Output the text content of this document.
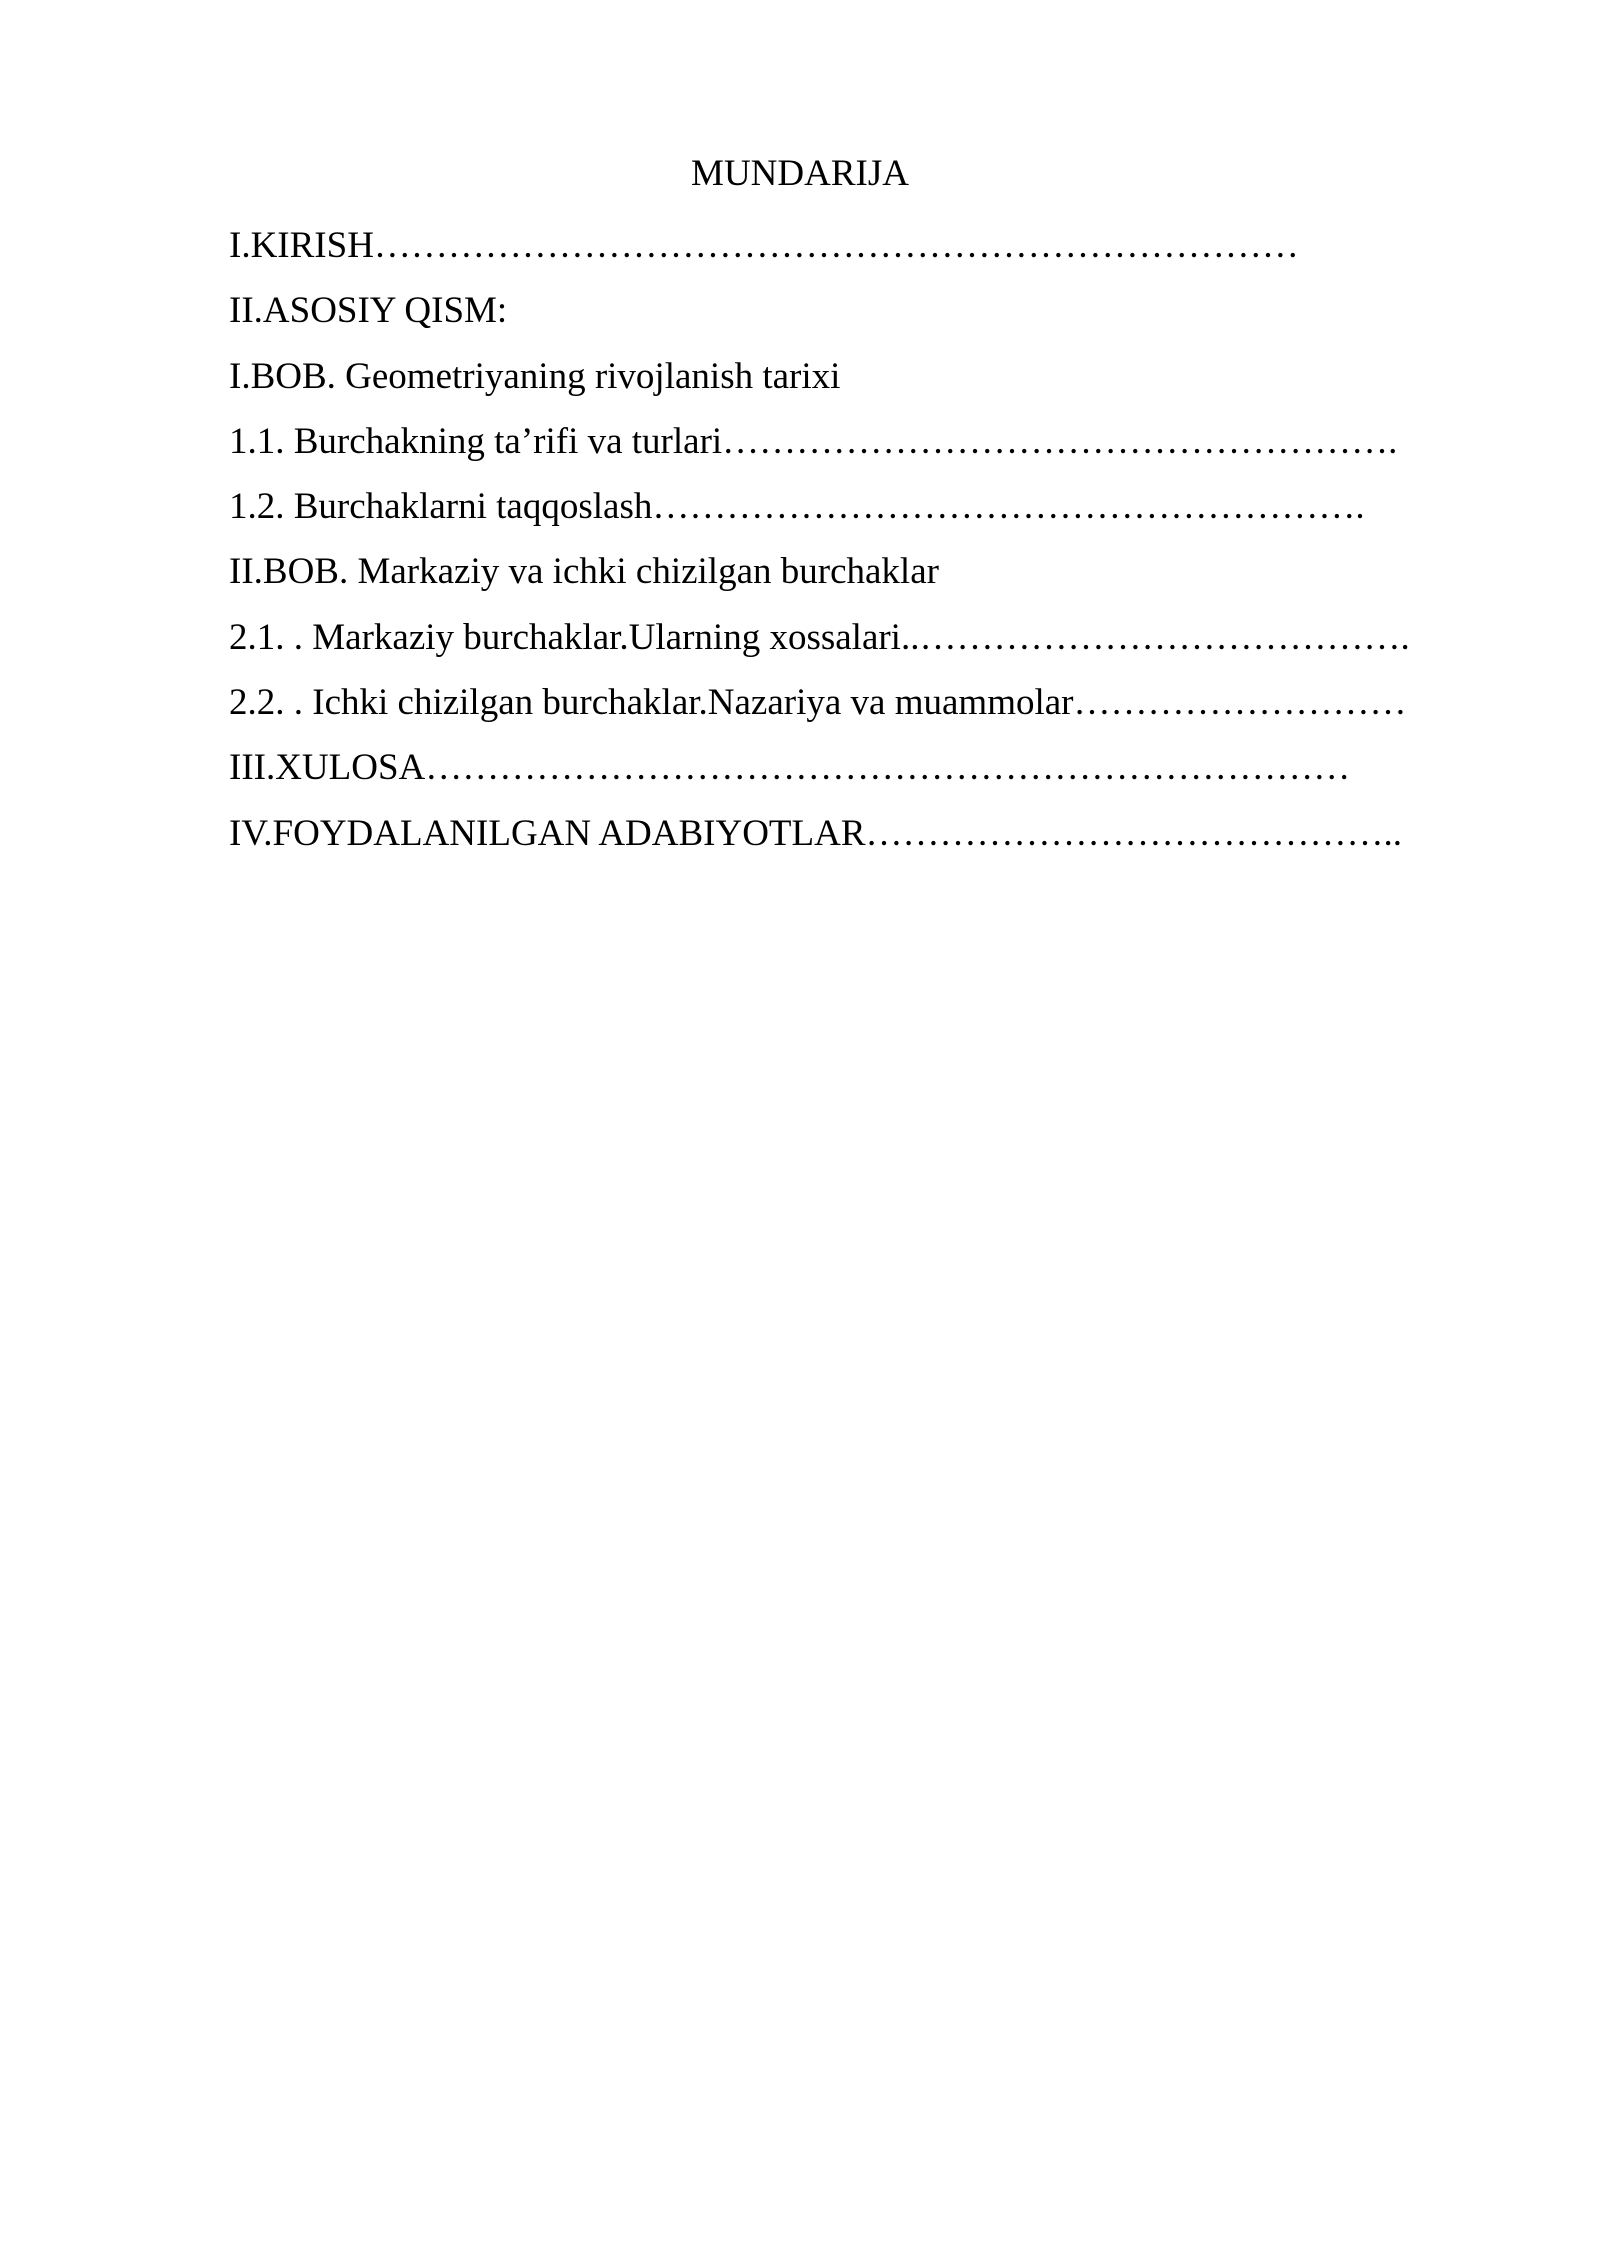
MUNDARIJA
I.KIRISH…………………………………………………………………
II.ASOSIY QISM:
I.BOB. Geometriyaning rivojlanish tarixi
1.1. Burchakning ta’rifi va turlari……………………………………………….
1.2. Burchaklarni taqqoslash………………………………………………….
II.BOB. Markaziy va ichki chizilgan burchaklar
2.1. . Markaziy burchaklar.Ularning xossalari..………………………………….
2.2. . Ichki chizilgan burchaklar.Nazariya va muammolar………………………
III.XULOSA…………………………………………………………………
IV.FOYDALANILGAN ADABIYOTLAR……………………………………..
